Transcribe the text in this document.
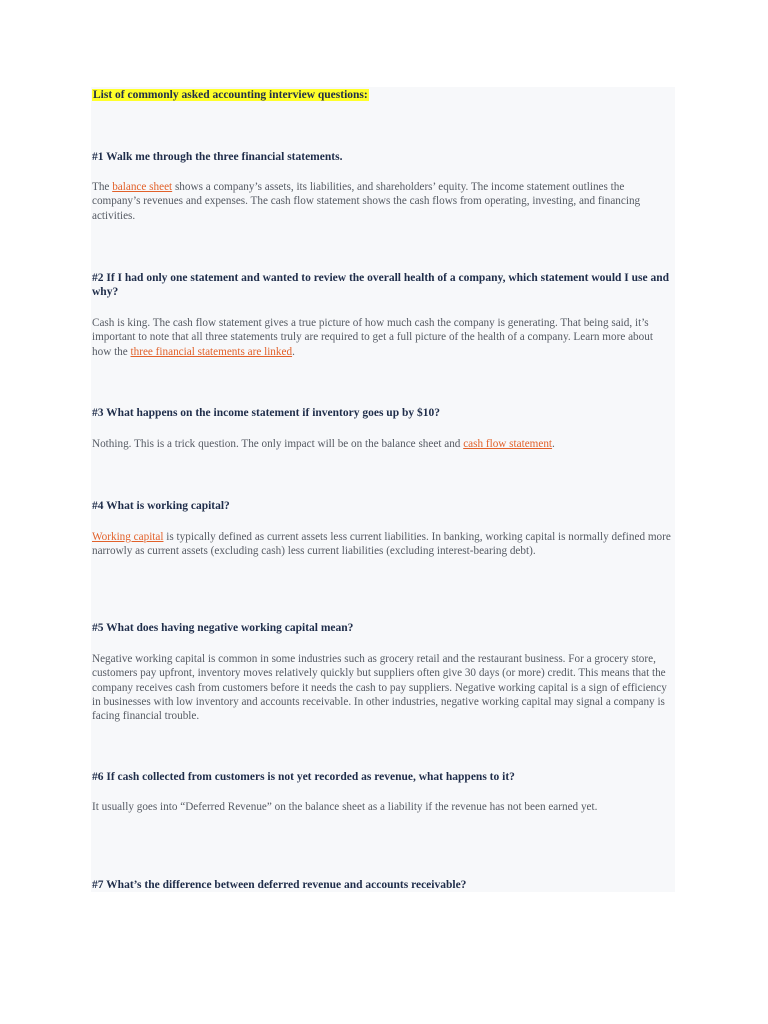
List of commonly asked accounting interview questions:
#1 Walk me through the three financial statements.
The balance sheet shows a company’s assets, its liabilities, and shareholders’ equity. The income statement outlines the company’s revenues and expenses. The cash flow statement shows the cash flows from operating, investing, and financing activities.
#2 If I had only one statement and wanted to review the overall health of a company, which statement would I use and why?
Cash is king. The cash flow statement gives a true picture of how much cash the company is generating. That being said, it’s important to note that all three statements truly are required to get a full picture of the health of a company. Learn more about how the three financial statements are linked.
#3 What happens on the income statement if inventory goes up by $10?
Nothing. This is a trick question. The only impact will be on the balance sheet and cash flow statement.
#4 What is working capital?
Working capital is typically defined as current assets less current liabilities. In banking, working capital is normally defined more narrowly as current assets (excluding cash) less current liabilities (excluding interest-bearing debt).
#5 What does having negative working capital mean?
Negative working capital is common in some industries such as grocery retail and the restaurant business. For a grocery store, customers pay upfront, inventory moves relatively quickly but suppliers often give 30 days (or more) credit. This means that the company receives cash from customers before it needs the cash to pay suppliers. Negative working capital is a sign of efficiency in businesses with low inventory and accounts receivable. In other industries, negative working capital may signal a company is facing financial trouble.
#6 If cash collected from customers is not yet recorded as revenue, what happens to it?
It usually goes into “Deferred Revenue” on the balance sheet as a liability if the revenue has not been earned yet.
#7 What’s the difference between deferred revenue and accounts receivable?
